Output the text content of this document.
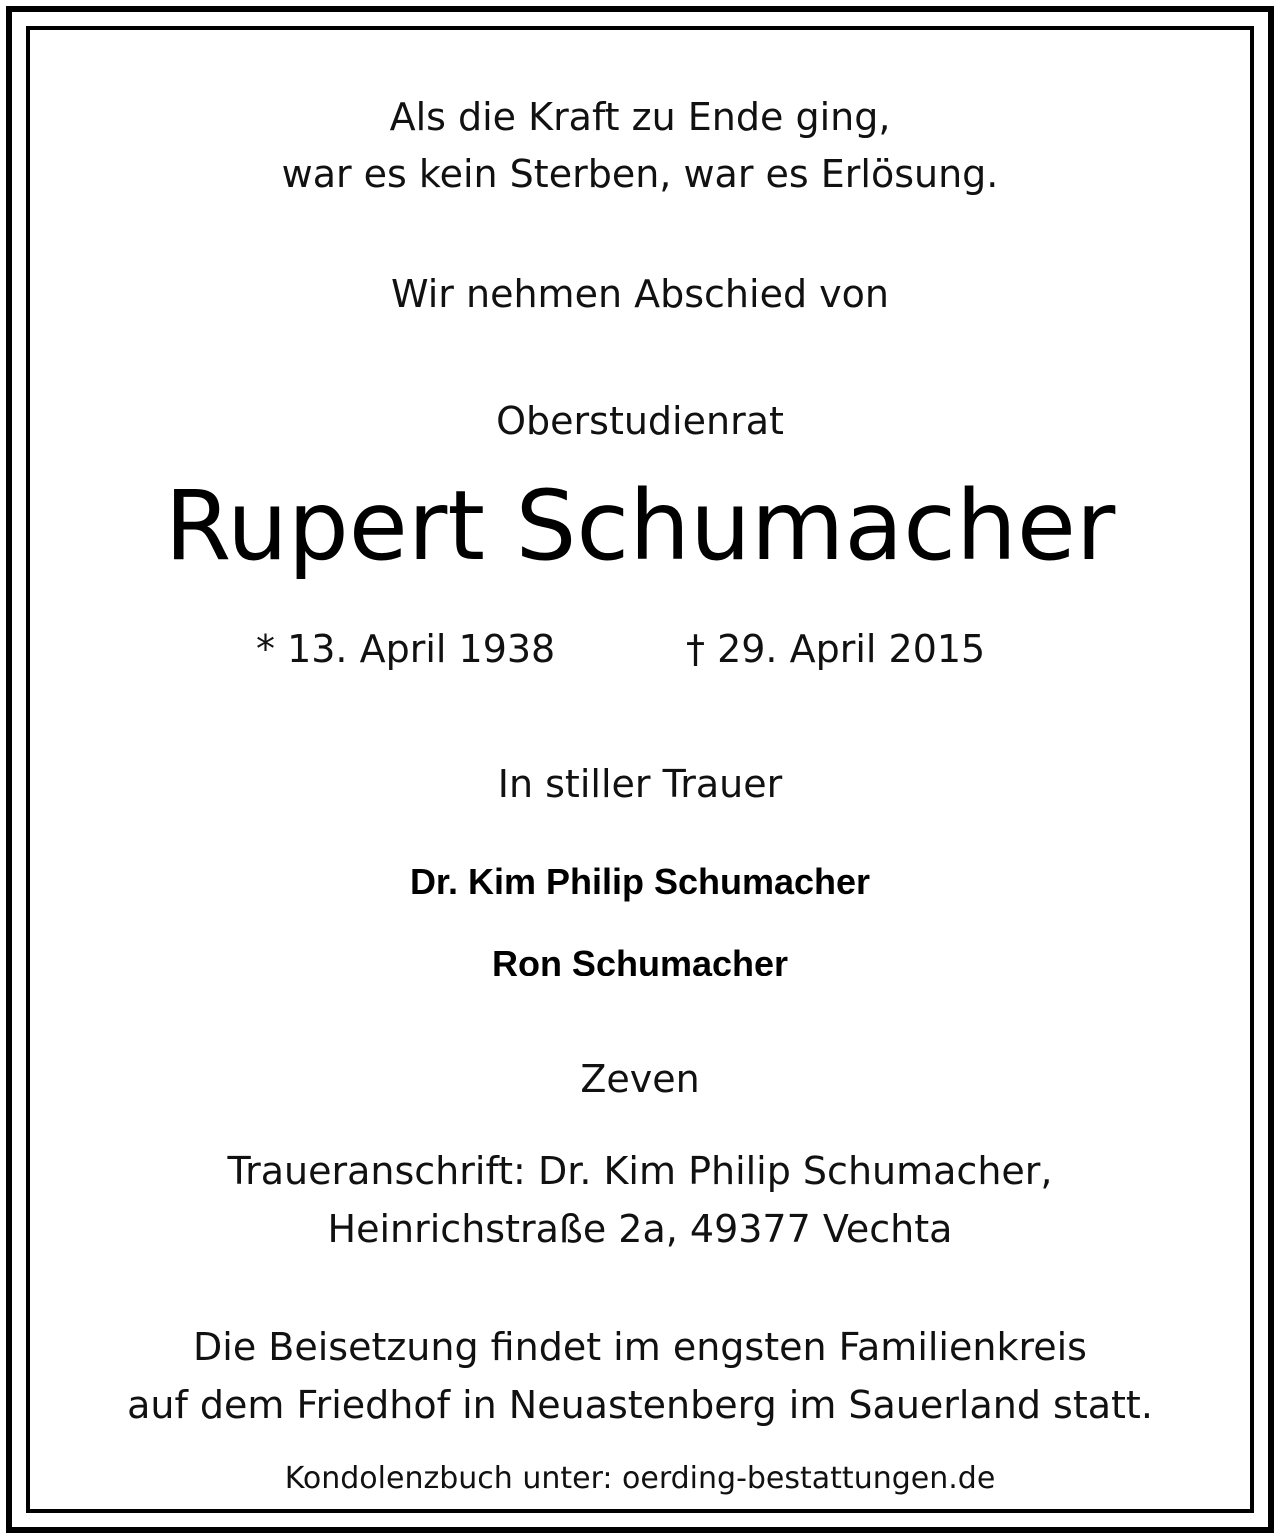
Als die Kraft zu Ende ging,
war es kein Sterben, war es Erlösung.
Wir nehmen Abschied von
Oberstudienrat
Rupert Schumacher
* 13. April 1938	† 29. April 2015
In stiller Trauer
Dr. Kim Philip Schumacher
Ron Schumacher
Zeven
Traueranschrift: Dr. Kim Philip Schumacher,
Heinrichstraße 2a, 49377 Vechta
Die Beisetzung findet im engsten Familienkreis
auf dem Friedhof in Neuastenberg im Sauerland statt.
Kondolenzbuch unter: oerding-bestattungen.de
